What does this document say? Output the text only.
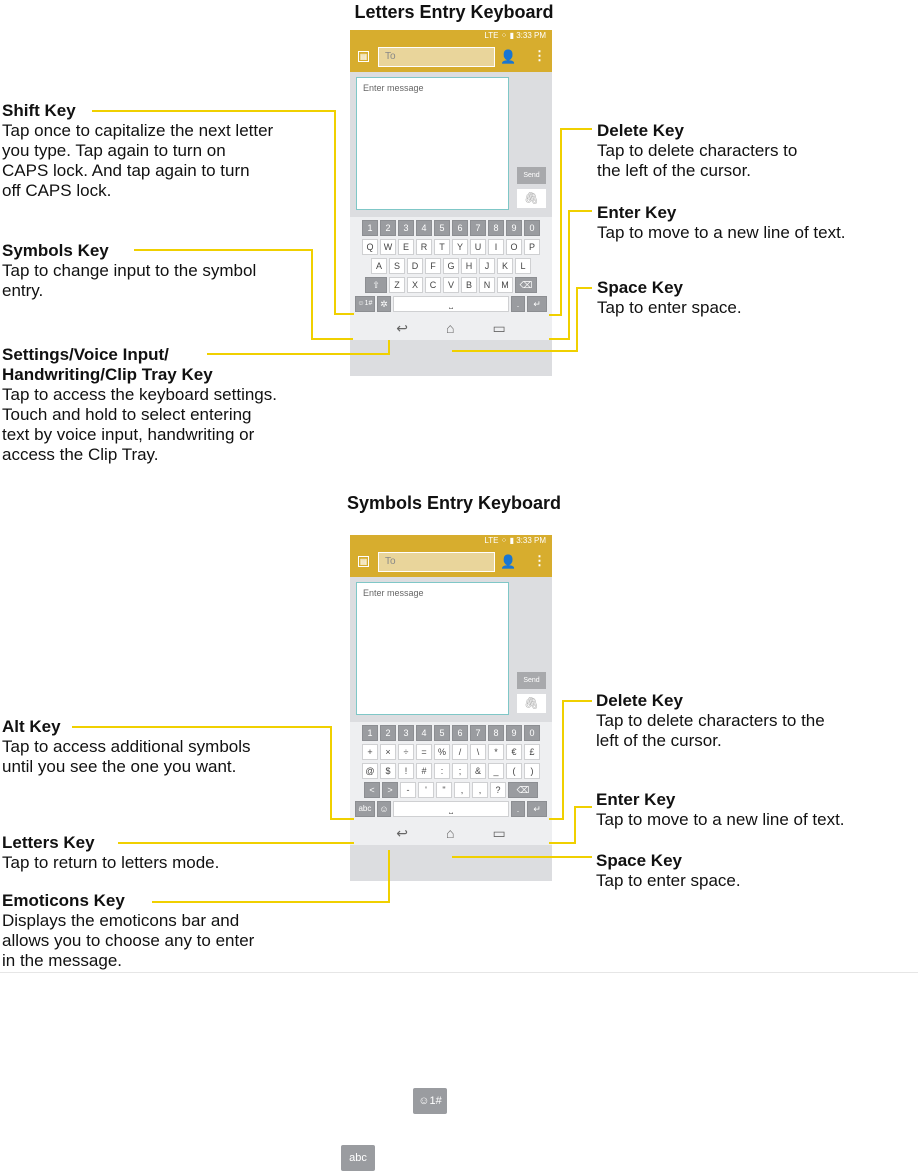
Letters Entry Keyboard
LTE ⁘ ▮ 3:33 PM
▦	To	👤 ⋮
Enter message
Send
🖇
1	2	3	4	5	6	7	8	9	0
Q	W	E	R	T	Y	U	I	O	P
A	S	D	F	G	H	J	K	L
⇧	Z	X	C	V	B	N	M	⌫
☺1# ✲	⎵	.	↵
↩	⌂	▭
Shift Key
Tap once to capitalize the next letter
you type. Tap again to turn on
CAPS lock. And tap again to turn
off CAPS lock.
Symbols Key
Tap to change input to the symbol
entry.
Settings/Voice Input/
Handwriting/Clip Tray Key
Tap to access the keyboard settings.
Touch and hold to select entering
text by voice input, handwriting or
access the Clip Tray.
Delete Key
Tap to delete characters to
the left of the cursor.
Enter Key
Tap to move to a new line of text.
Space Key
Tap to enter space.
Symbols Entry Keyboard
LTE ⁘ ▮ 3:33 PM
▦	To	👤 ⋮
Enter message
Send
🖇
1	2	3	4	5	6	7	8	9	0
+	×	÷	=	%	/	\	*	€	£
@	$	!	#	:	;	&	_	(	)
<	>	-	'	"	,	,	?	⌫
abc ☺	⎵	.	↵
↩	⌂	▭
Alt Key
Tap to access additional symbols
until you see the one you want.
Letters Key
Tap to return to letters mode.
Emoticons Key
Displays the emoticons bar and
allows you to choose any to enter
in the message.
Delete Key
Tap to delete characters to the
left of the cursor.
Enter Key
Tap to move to a new line of text.
Space Key
Tap to enter space.
☺1#
abc
